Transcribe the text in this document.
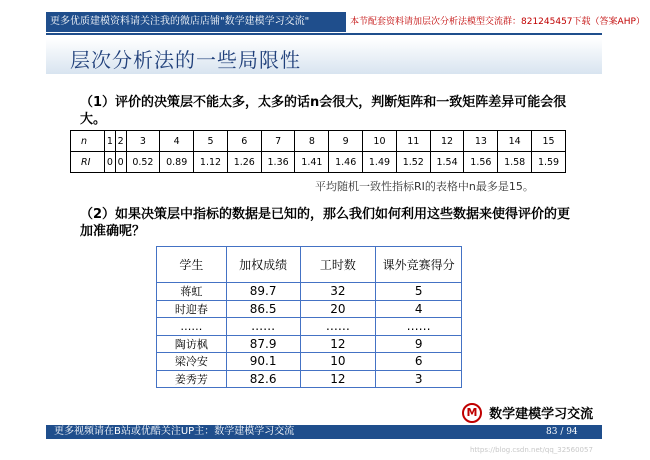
更多优质建模资料请关注我的微店店铺"数学建模学习交流"	本节配套资料请加层次分析法模型交流群：821245457下载（答案AHP）
层次分析法的一些局限性
（1）评价的决策层不能太多，太多的话n会很大，判断矩阵和一致矩阵差异可能会很大。
n	1	2	3	4	5	6	7	8	9	10	11	12	13	14	15
RI	0	0	0.52	0.89	1.12	1.26	1.36	1.41	1.46	1.49	1.52	1.54	1.56	1.58	1.59
平均随机一致性指标RI的表格中n最多是15。
（2）如果决策层中指标的数据是已知的，那么我们如何利用这些数据来使得评价的更加准确呢？
学生	加权成绩	工时数	课外竞赛得分
蒋虹	89.7	32	5
时迎春	86.5	20	4
……	……	……	……
陶访枫	87.9	12	9
梁冷安	90.1	10	6
姜秀芳	82.6	12	3
M 数学建模学习交流
更多视频请在B站或优酷关注UP主：数学建模学习交流	83 / 94
https://blog.csdn.net/qq_32560057
